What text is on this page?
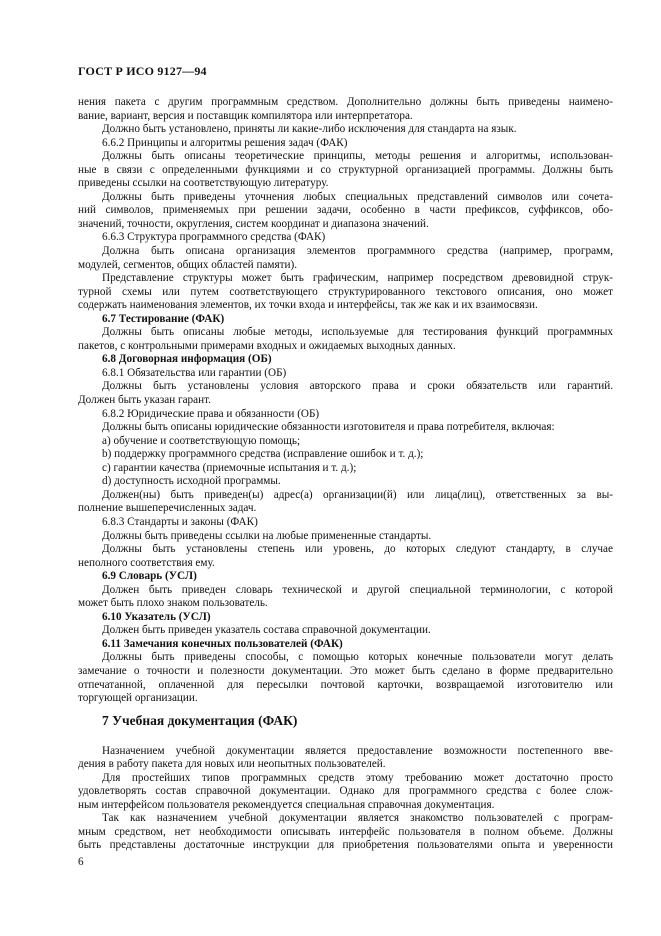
ГОСТ Р ИСО 9127—94
нения пакета с другим программным средством. Дополнительно должны быть приведены наимено-
вание, вариант, версия и поставщик компилятора или интерпретатора.
Должно быть установлено, приняты ли какие-либо исключения для стандарта на язык.
6.6.2 Принципы и алгоритмы решения задач (ФАК)
Должны быть описаны теоретические принципы, методы решения и алгоритмы, использован-
ные в связи с определенными функциями и со структурной организацией программы. Должны быть
приведены ссылки на соответствующую литературу.
Должны быть приведены уточнения любых специальных представлений символов или сочета-
ний символов, применяемых при решении задачи, особенно в части префиксов, суффиксов, обо-
значений, точности, округления, систем координат и диапазона значений.
6.6.3 Структура программного средства (ФАК)
Должна быть описана организация элементов программного средства (например, программ,
модулей, сегментов, общих областей памяти).
Представление структуры может быть графическим, например посредством древовидной струк-
турной схемы или путем соответствующего структурированного текстового описания, оно может
содержать наименования элементов, их точки входа и интерфейсы, так же как и их взаимосвязи.
6.7 Тестирование (ФАК)
Должны быть описаны любые методы, используемые для тестирования функций программных
пакетов, с контрольными примерами входных и ожидаемых выходных данных.
6.8 Договорная информация (ОБ)
6.8.1 Обязательства или гарантии (ОБ)
Должны быть установлены условия авторского права и сроки обязательств или гарантий.
Должен быть указан гарант.
6.8.2 Юридические права и обязанности (ОБ)
Должны быть описаны юридические обязанности изготовителя и права потребителя, включая:
a) обучение и соответствующую помощь;
b) поддержку программного средства (исправление ошибок и т. д.);
c) гарантии качества (приемочные испытания и т. д.);
d) доступность исходной программы.
Должен(ны) быть приведен(ы) адрес(а) организации(й) или лица(лиц), ответственных за вы-
полнение вышеперечисленных задач.
6.8.3 Стандарты и законы (ФАК)
Должны быть приведены ссылки на любые примененные стандарты.
Должны быть установлены степень или уровень, до которых следуют стандарту, в случае
неполного соответствия ему.
6.9 Словарь (УСЛ)
Должен быть приведен словарь технической и другой специальной терминологии, с которой
может быть плохо знаком пользователь.
6.10 Указатель (УСЛ)
Должен быть приведен указатель состава справочной документации.
6.11 Замечания конечных пользователей (ФАК)
Должны быть приведены способы, с помощью которых конечные пользователи могут делать
замечание о точности и полезности документации. Это может быть сделано в форме предварительно
отпечатанной, оплаченной для пересылки почтовой карточки, возвращаемой изготовителю или
торгующей организации.
7 Учебная документация (ФАК)
Назначением учебной документации является предоставление возможности постепенного вве-
дения в работу пакета для новых или неопытных пользователей.
Для простейших типов программных средств этому требованию может достаточно просто
удовлетворять состав справочной документации. Однако для программного средства с более слож-
ным интерфейсом пользователя рекомендуется специальная справочная документация.
Так как назначением учебной документации является знакомство пользователей с програм-
мным средством, нет необходимости описывать интерфейс пользователя в полном объеме. Должны
быть представлены достаточные инструкции для приобретения пользователями опыта и уверенности
6
